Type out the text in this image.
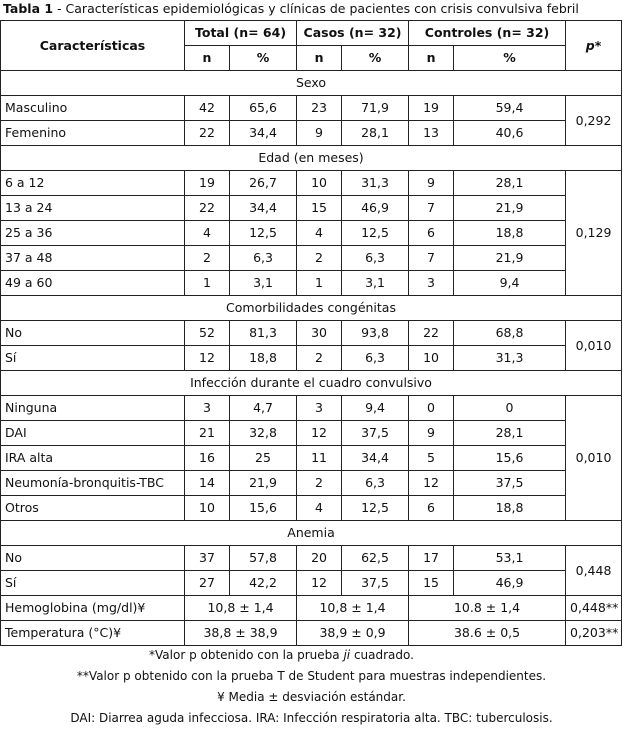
Tabla 1 - Características epidemiológicas y clínicas de pacientes con crisis convulsiva febril
Características	Total (n= 64)		Casos (n= 32)		Controles (n= 32)		p*
	n	%	n	%	n	%	
Sexo							
Masculino	42	65,6	23	71,9	19	59,4	0,292
Femenino	22	34,4	9	28,1	13	40,6	
Edad (en meses)							
6 a 12	19	26,7	10	31,3	9	28,1	0,129
13 a 24	22	34,4	15	46,9	7	21,9	
25 a 36	4	12,5	4	12,5	6	18,8	
37 a 48	2	6,3	2	6,3	7	21,9	
49 a 60	1	3,1	1	3,1	3	9,4	
Comorbilidades congénitas							
No	52	81,3	30	93,8	22	68,8	0,010
Sí	12	18,8	2	6,3	10	31,3	
Infección durante el cuadro convulsivo							
Ninguna	3	4,7	3	9,4	0	0	0,010
DAI	21	32,8	12	37,5	9	28,1	
IRA alta	16	25	11	34,4	5	15,6	
Neumonía-bronquitis-TBC	14	21,9	2	6,3	12	37,5	
Otros	10	15,6	4	12,5	6	18,8	
Anemia							
No	37	57,8	20	62,5	17	53,1	0,448
Sí	27	42,2	12	37,5	15	46,9	
Hemoglobina (mg/dl)¥	10,8 ± 1,4		10,8 ± 1,4		10.8 ± 1,4		0,448**
Temperatura (°C)¥	38,8 ± 38,9		38,9 ± 0,9		38.6 ± 0,5		0,203**
*Valor p obtenido con la prueba ji cuadrado.
**Valor p obtenido con la prueba T de Student para muestras independientes.
¥ Media ± desviación estándar.
DAI: Diarrea aguda infecciosa. IRA: Infección respiratoria alta. TBC: tuberculosis.
